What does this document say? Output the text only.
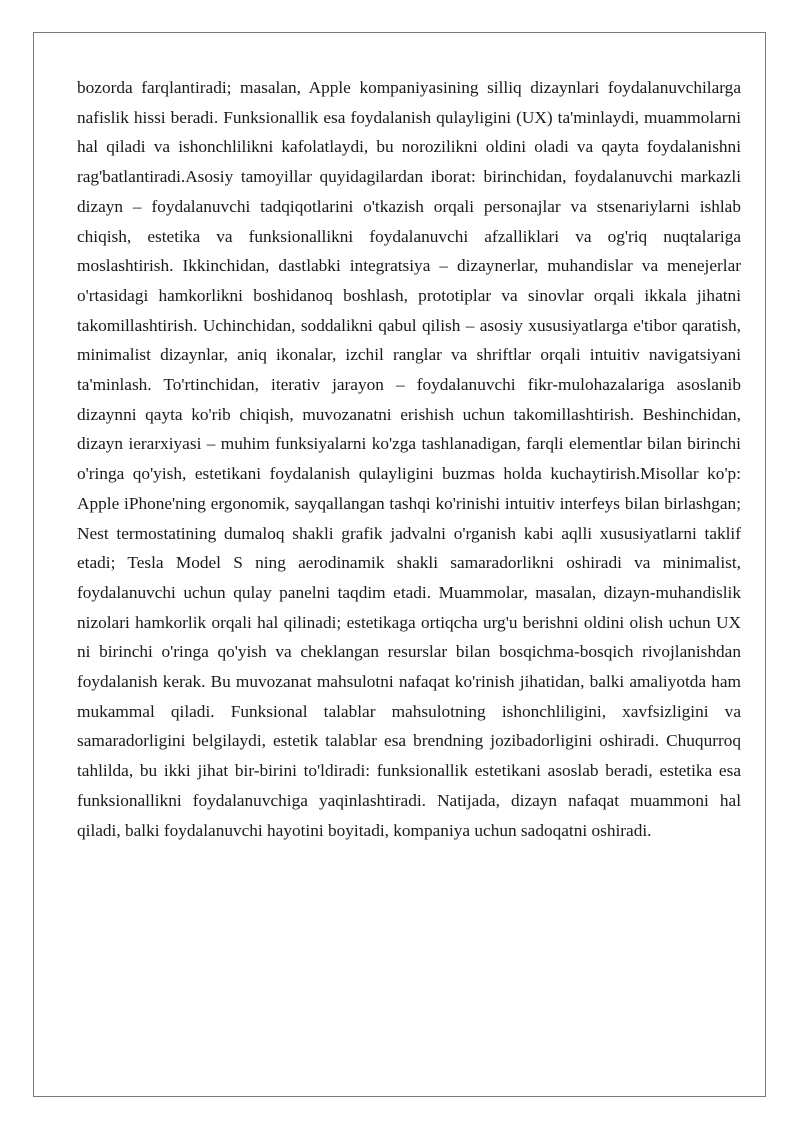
bozorda farqlantiradi; masalan, Apple kompaniyasining silliq dizaynlari foydalanuvchilarga nafislik hissi beradi. Funksionallik esa foydalanish qulayligini (UX) ta'minlaydi, muammolarni hal qiladi va ishonchlilikni kafolatlaydi, bu norozilikni oldini oladi va qayta foydalanishni rag'batlantiradi.Asosiy tamoyillar quyidagilardan iborat: birinchidan, foydalanuvchi markazli dizayn – foydalanuvchi tadqiqotlarini o'tkazish orqali personajlar va stsenariylarni ishlab chiqish, estetika va funksionallikni foydalanuvchi afzalliklari va og'riq nuqtalariga moslashtirish. Ikkinchidan, dastlabki integratsiya – dizaynerlar, muhandislar va menejerlar o'rtasidagi hamkorlikni boshidanoq boshlash, prototiplar va sinovlar orqali ikkala jihatni takomillashtirish. Uchinchidan, soddalikni qabul qilish – asosiy xususiyatlarga e'tibor qaratish, minimalist dizaynlar, aniq ikonalar, izchil ranglar va shriftlar orqali intuitiv navigatsiyani ta'minlash. To'rtinchidan, iterativ jarayon – foydalanuvchi fikr-mulohazalariga asoslanib dizaynni qayta ko'rib chiqish, muvozanatni erishish uchun takomillashtirish. Beshinchidan, dizayn ierarxiyasi – muhim funksiyalarni ko'zga tashlanadigan, farqli elementlar bilan birinchi o'ringa qo'yish, estetikani foydalanish qulayligini buzmas holda kuchaytirish.Misollar ko'p: Apple iPhone'ning ergonomik, sayqallangan tashqi ko'rinishi intuitiv interfeys bilan birlashgan; Nest termostatining dumaloq shakli grafik jadvalni o'rganish kabi aqlli xususiyatlarni taklif etadi; Tesla Model S ning aerodinamik shakli samaradorlikni oshiradi va minimalist, foydalanuvchi uchun qulay panelni taqdim etadi. Muammolar, masalan, dizayn-muhandislik nizolari hamkorlik orqali hal qilinadi; estetikaga ortiqcha urg'u berishni oldini olish uchun UX ni birinchi o'ringa qo'yish va cheklangan resurslar bilan bosqichma-bosqich rivojlanishdan foydalanish kerak. Bu muvozanat mahsulotni nafaqat ko'rinish jihatidan, balki amaliyotda ham mukammal qiladi. Funksional talablar mahsulotning ishonchliligini, xavfsizligini va samaradorligini belgilaydi, estetik talablar esa brendning jozibadorligini oshiradi. Chuqurroq tahlilda, bu ikki jihat bir-birini to'ldiradi: funksionallik estetikani asoslab beradi, estetika esa funksionallikni foydalanuvchiga yaqinlashtiradi. Natijada, dizayn nafaqat muammoni hal qiladi, balki foydalanuvchi hayotini boyitadi, kompaniya uchun sadoqatni oshiradi.
